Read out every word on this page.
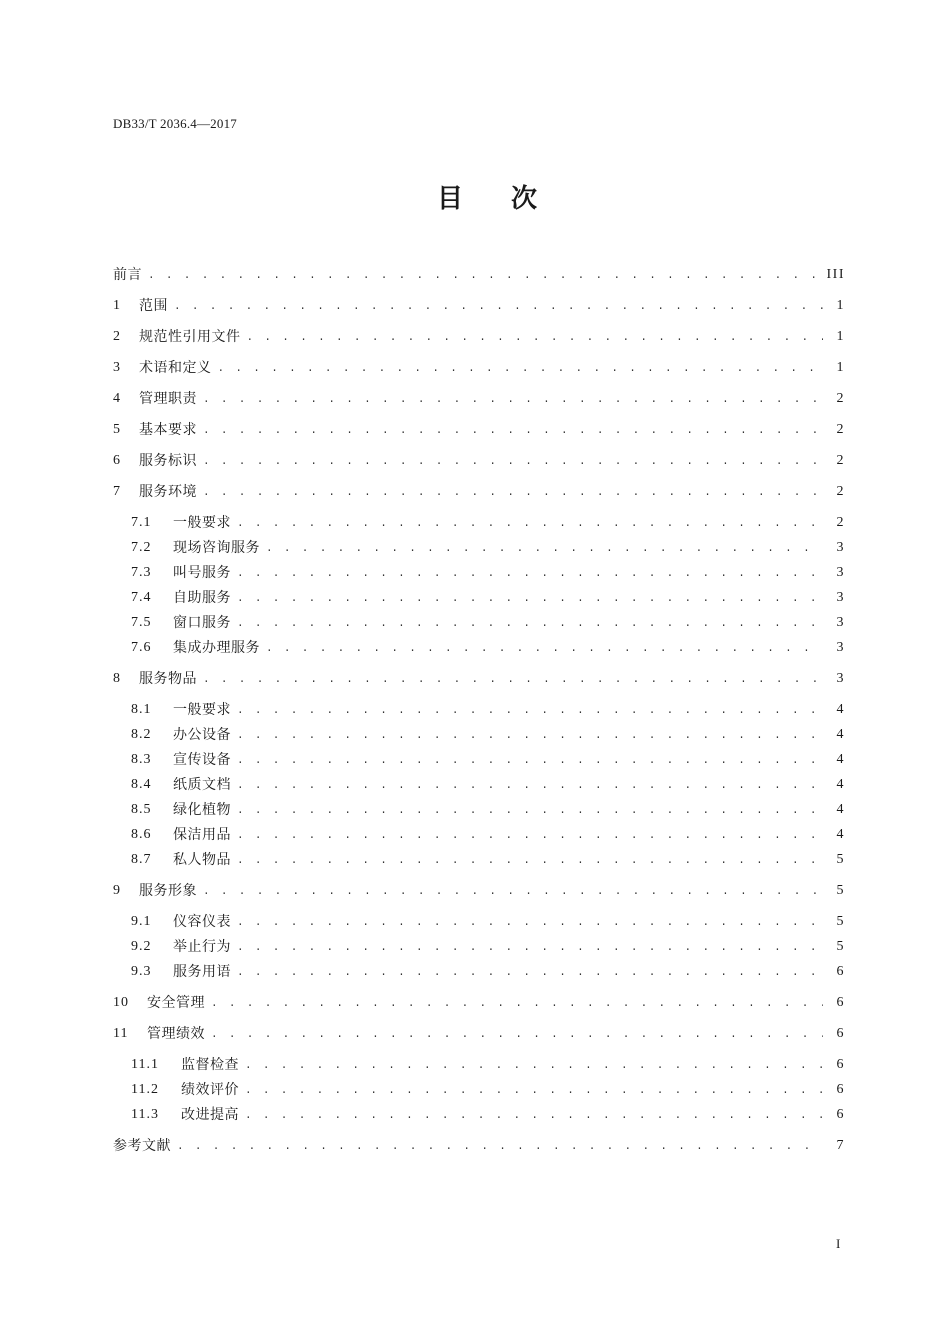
DB33/T 2036.4—2017
目 次
前言 . . .	III
1	范围 . . .	1
2	规范性引用文件 . . .	1
3	术语和定义 . . .	1
4	管理职责 . . .	2
5	基本要求 . . .	2
6	服务标识 . . .	2
7	服务环境 . . .	2
7.1	一般要求 . . .	2
7.2	现场咨询服务 . . .	3
7.3	叫号服务 . . .	3
7.4	自助服务 . . .	3
7.5	窗口服务 . . .	3
7.6	集成办理服务 . . .	3
8	服务物品 . . .	3
8.1	一般要求 . . .	4
8.2	办公设备 . . .	4
8.3	宣传设备 . . .	4
8.4	纸质文档 . . .	4
8.5	绿化植物 . . .	4
8.6	保洁用品 . . .	4
8.7	私人物品 . . .	5
9	服务形象 . . .	5
9.1	仪容仪表 . . .	5
9.2	举止行为 . . .	5
9.3	服务用语 . . .	6
10	安全管理 . . .	6
11	管理绩效 . . .	6
11.1	监督检查 . . .	6
11.2	绩效评价 . . .	6
11.3	改进提高 . . .	6
参考文献 . . .	7
I
